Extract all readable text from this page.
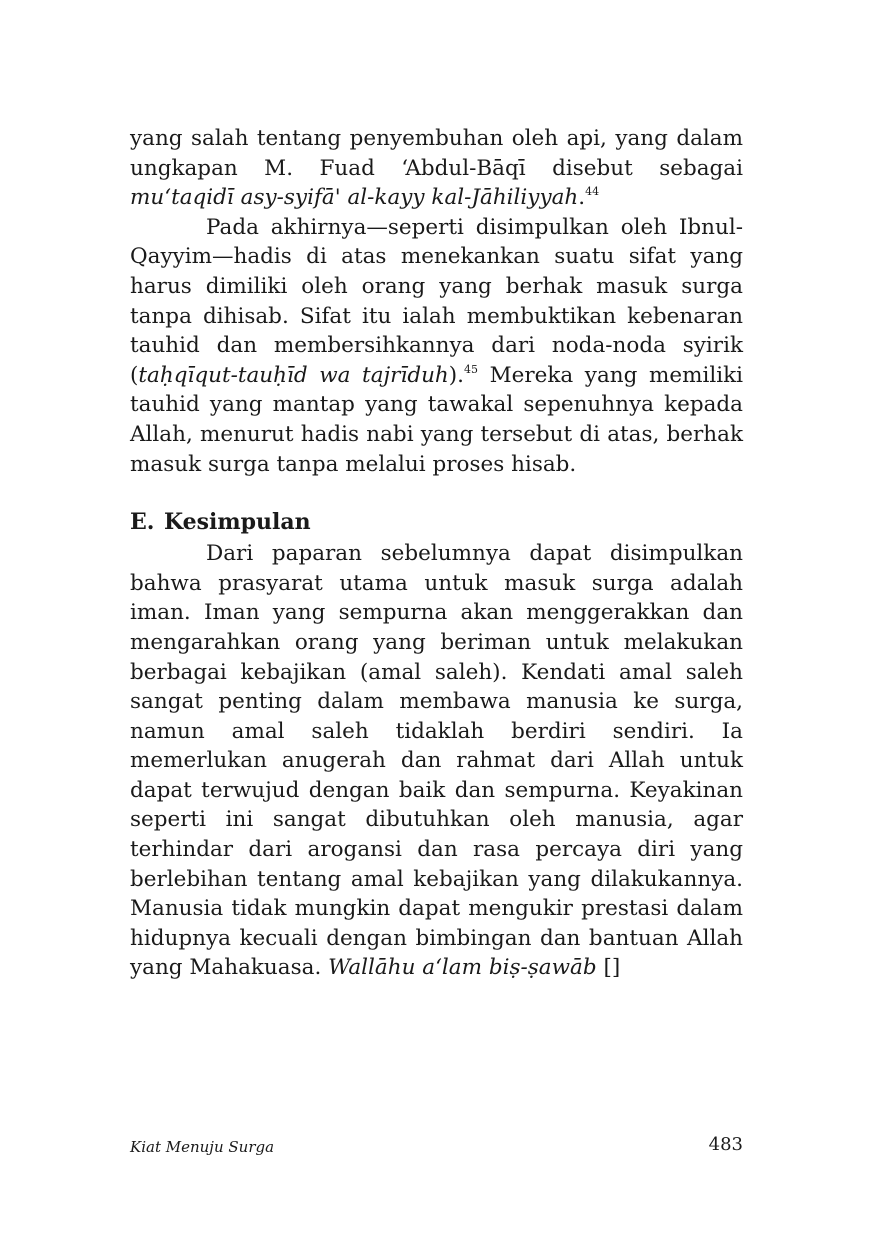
yang salah tentang penyembuhan oleh api, yang dalam ungkapan M. Fuad ‘Abdul-Bāqī disebut sebagai mu‘taqidī asy-syifā' al-kayy kal-Jāhiliyyah.$^{44}$

Pada akhirnya—seperti disimpulkan oleh Ibnul-Qayyim—hadis di atas menekankan suatu sifat yang harus dimiliki oleh orang yang berhak masuk surga tanpa dihisab. Sifat itu ialah membuktikan kebenaran tauhid dan membersihkannya dari noda-noda syirik (taḥqīqut-tauḥīd wa tajrīduh).$^{45}$ Mereka yang memiliki tauhid yang mantap yang tawakal sepenuhnya kepada Allah, menurut hadis nabi yang tersebut di atas, berhak masuk surga tanpa melalui proses hisab.

E. Kesimpulan

Dari paparan sebelumnya dapat disimpulkan bahwa prasyarat utama untuk masuk surga adalah iman. Iman yang sempurna akan menggerakkan dan mengarahkan orang yang beriman untuk melakukan berbagai kebajikan (amal saleh). Kendati amal saleh sangat penting dalam membawa manusia ke surga, namun amal saleh tidaklah berdiri sendiri. Ia memerlukan anugerah dan rahmat dari Allah untuk dapat terwujud dengan baik dan sempurna. Keyakinan seperti ini sangat dibutuhkan oleh manusia, agar terhindar dari arogansi dan rasa percaya diri yang berlebihan tentang amal kebajikan yang dilakukannya. Manusia tidak mungkin dapat mengukir prestasi dalam hidupnya kecuali dengan bimbingan dan bantuan Allah yang Mahakuasa. Wallāhu a‘lam biṣ-ṣawāb []

Kiat Menuju Surga	483
